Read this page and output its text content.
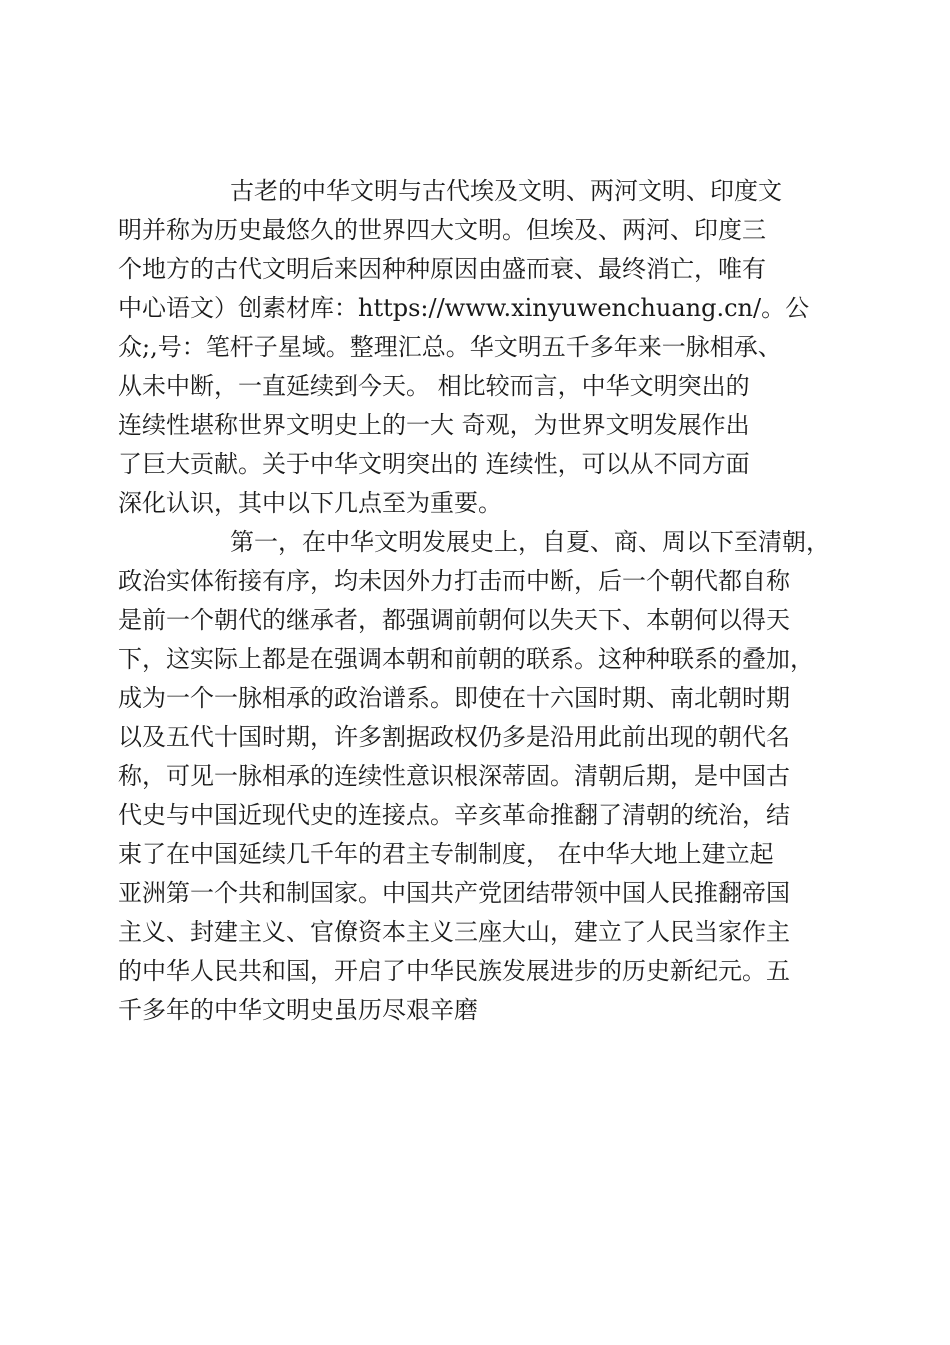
古老的中华文明与古代埃及文明、两河文明、印度文
明并称为历史最悠久的世界四大文明。但埃及、两河、印度三
个地方的古代文明后来因种种原因由盛而衰、最终消亡，唯有
中心语文）创素材库：https://www.xinyuwenchuang.cn/。公
众;,号：笔杆子星域。整理汇总。华文明五千多年来一脉相承、
从未中断，一直延续到今天。 相比较而言，中华文明突出的
连续性堪称世界文明史上的一大 奇观，为世界文明发展作出
了巨大贡献。关于中华文明突出的 连续性，可以从不同方面
深化认识，其中以下几点至为重要。

第一，在中华文明发展史上，自夏、商、周以下至清朝，
政治实体衔接有序，均未因外力打击而中断，后一个朝代都自称
是前一个朝代的继承者，都强调前朝何以失天下、本朝何以得天
下，这实际上都是在强调本朝和前朝的联系。这种种联系的叠加，
成为一个一脉相承的政治谱系。即使在十六国时期、南北朝时期
以及五代十国时期，许多割据政权仍多是沿用此前出现的朝代名
称，可见一脉相承的连续性意识根深蒂固。清朝后期，是中国古
代史与中国近现代史的连接点。辛亥革命推翻了清朝的统治，结
束了在中国延续几千年的君主专制制度， 在中华大地上建立起
亚洲第一个共和制国家。中国共产党团结带领中国人民推翻帝国
主义、封建主义、官僚资本主义三座大山，建立了人民当家作主
的中华人民共和国，开启了中华民族发展进步的历史新纪元。五
千多年的中华文明史虽历尽艰辛磨
